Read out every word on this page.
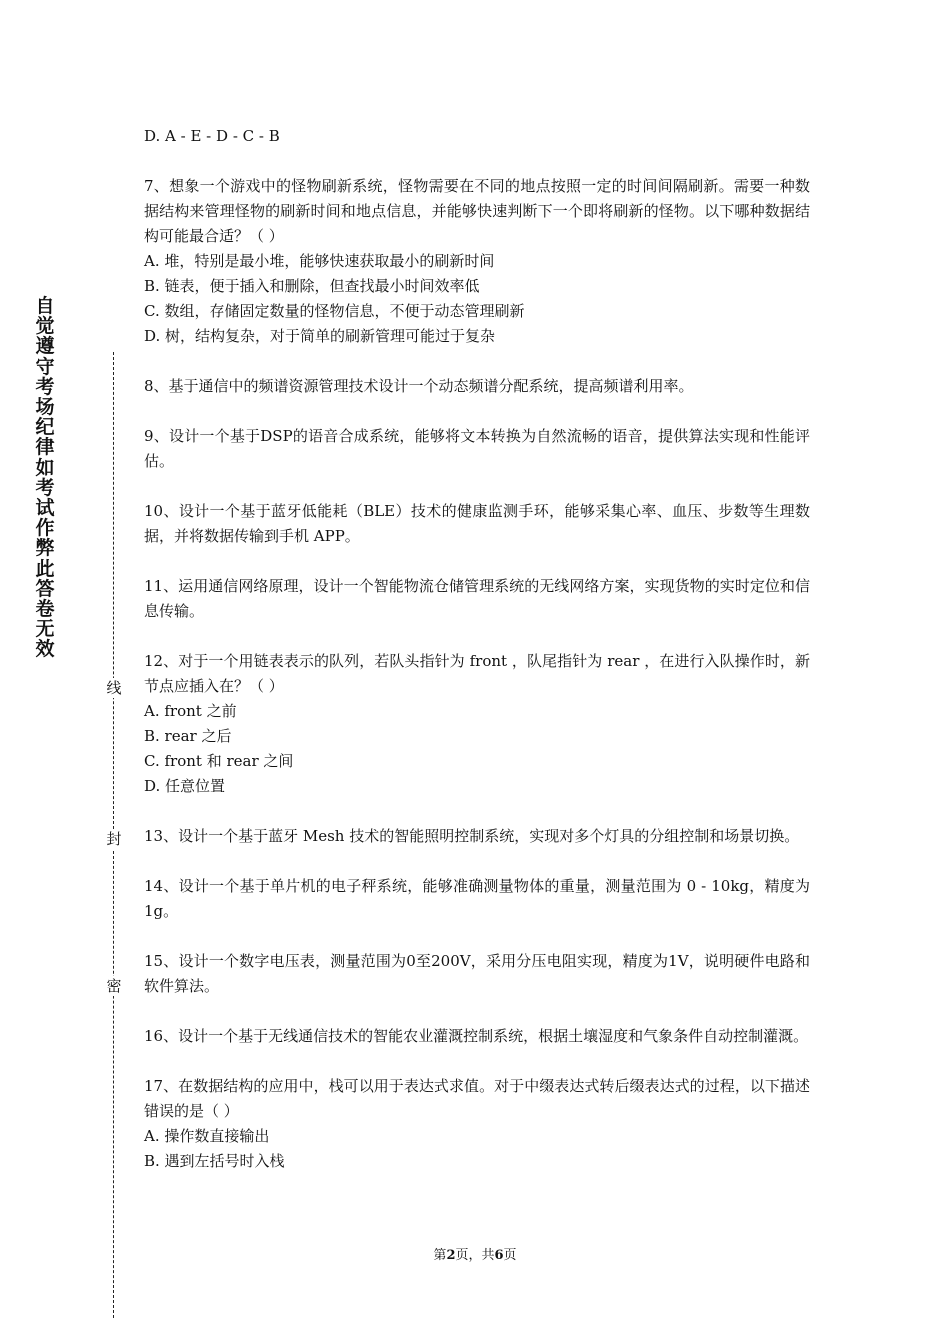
自觉遵守考场纪律如考试作弊此答卷无效
线
封
密

D. A - E - D - C - B

7、想象一个游戏中的怪物刷新系统，怪物需要在不同的地点按照一定的时间间隔刷新。需要一种数据结构来管理怪物的刷新时间和地点信息，并能够快速判断下一个即将刷新的怪物。以下哪种数据结构可能最合适？（ ）

A. 堆，特别是最小堆，能够快速获取最小的刷新时间

B. 链表，便于插入和删除，但查找最小时间效率低

C. 数组，存储固定数量的怪物信息，不便于动态管理刷新

D. 树，结构复杂，对于简单的刷新管理可能过于复杂

8、基于通信中的频谱资源管理技术设计一个动态频谱分配系统，提高频谱利用率。

9、设计一个基于DSP的语音合成系统，能够将文本转换为自然流畅的语音，提供算法实现和性能评估。

10、设计一个基于蓝牙低能耗（BLE）技术的健康监测手环，能够采集心率、血压、步数等生理数据，并将数据传输到手机 APP。

11、运用通信网络原理，设计一个智能物流仓储管理系统的无线网络方案，实现货物的实时定位和信息传输。

12、对于一个用链表表示的队列，若队头指针为 front ，队尾指针为 rear ，在进行入队操作时，新节点应插入在？（ ）

A. front 之前

B. rear 之后

C. front 和 rear 之间

D. 任意位置

13、设计一个基于蓝牙 Mesh 技术的智能照明控制系统，实现对多个灯具的分组控制和场景切换。

14、设计一个基于单片机的电子秤系统，能够准确测量物体的重量，测量范围为 0 - 10kg，精度为 1g。

15、设计一个数字电压表，测量范围为0至200V，采用分压电阻实现，精度为1V，说明硬件电路和软件算法。

16、设计一个基于无线通信技术的智能农业灌溉控制系统，根据土壤湿度和气象条件自动控制灌溉。

17、在数据结构的应用中，栈可以用于表达式求值。对于中缀表达式转后缀表达式的过程，以下描述错误的是（ ）

A. 操作数直接输出

B. 遇到左括号时入栈

第2页，共6页
